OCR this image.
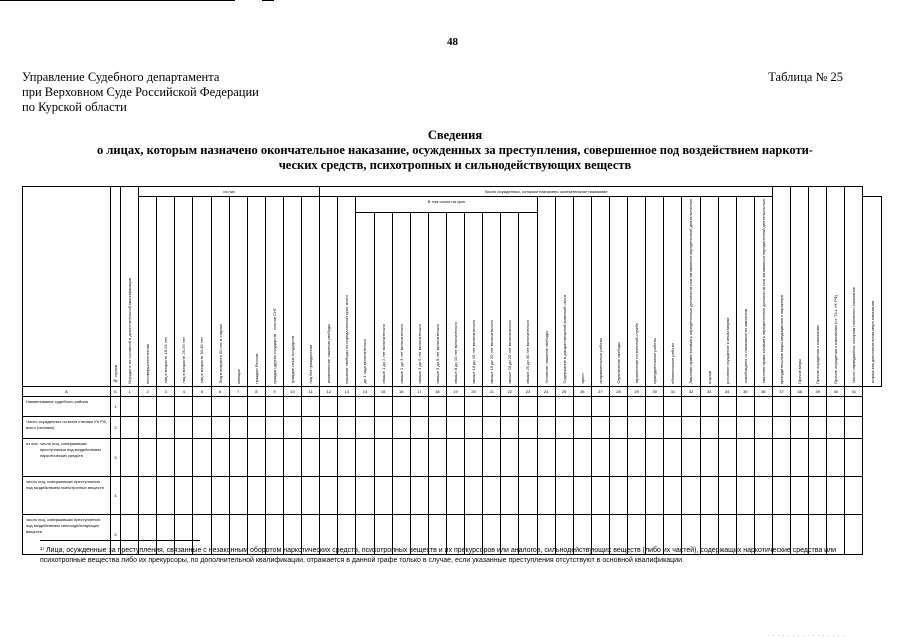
48
Управление Судебного департамента
при Верховном Суде Российской Федерации
по Курской области
Таблица № 25
Сведения
о лицах, которым назначено окончательное наказание, осужденных за преступления, совершенное под воздействием наркоти-
ческих средств, психотропных и сильнодействующих веществ

	№ строки	Осуждено по основной и дополнительной квалификации	из них										Число осужденных, которым назначено окончательное наказание																									принудительные меры медицинского характера	Прочие меры	Прочие осуждения к наказанию	Прочие осуждения к наказанию (ст. 73.1 УК РФ)	Число оправданных, которым назначено наказание	

			несовершеннолетних	лиц в возрасте 18-24 лет	лиц в возрасте 25-29 лет	лиц в возрасте 30-49 лет	Лиц в возрасте 50 лет и старше	женщин	граждан России	граждан других государств - членов СНГ	граждан иных государств	лиц без гражданства	пожизненное лишение свободы	лишение свободы на определенный срок, всего	В том числе на срок										Условное лишение свободы	Содержание в дисциплинарной воинской части	арест	исправительные работы	Ограничение свободы	ограничение по военной службе	принудительные работы	обязательные работы	Лишение права занимать определенные должности или заниматься определенной деятельностью	штраф	условное осуждение к иным мерам	освобождено от наказания по амнистии	лишение права занимать определенные должности или заниматься определенной деятельностью						штраф как дополнительная мера наказания

															до 1 года включительно	свыше 1 до 2 лет включительно	свыше 2 до 3 лет включительно	свыше 3 до 5 лет включительно	свыше 5 до 8 лет включительно	свыше 8 до 10 лет включительно	свыше 10 до 15 лет включительно	свыше 15 до 20 лет включительно	свыше 20 до 25 лет включительно	свыше 25 до 30 лет включительно																			

А	Б	1	2	3	4	5	6	7	8	9	10	11	12	13	14	15	16	17	18	19	20	21	22	23	24	25	26	27	28	29	30	31	32	33	34	35	36	37	38	39	40	41	
Наименование судебного района	1																																										
Число осужденных по всем статьям УК РФ, всего (человек)	2																																										

из них: число лиц, совершивших преступления под воздействием наркотических средств	3																																										
число лиц, совершивших преступления под воздействием психотропных веществ	4																																										
число лиц, совершивших преступления под воздействием сильнодействующих веществ	5																																										
¹⁾ Лица, осужденные за преступления, связанные с незаконным оборотом наркотических средств, психотропных веществ и их прекурсоров или аналогов, сильнодействующих веществ (либо их частей), содержащих наркотические средства или психотропные вещества либо их прекурсоры, по дополнительной квалификации, отражается в данной графе только в случае, если указанные преступления отсутствуют в основной квалификации.
. . . . . . . . . . . . . . . .
